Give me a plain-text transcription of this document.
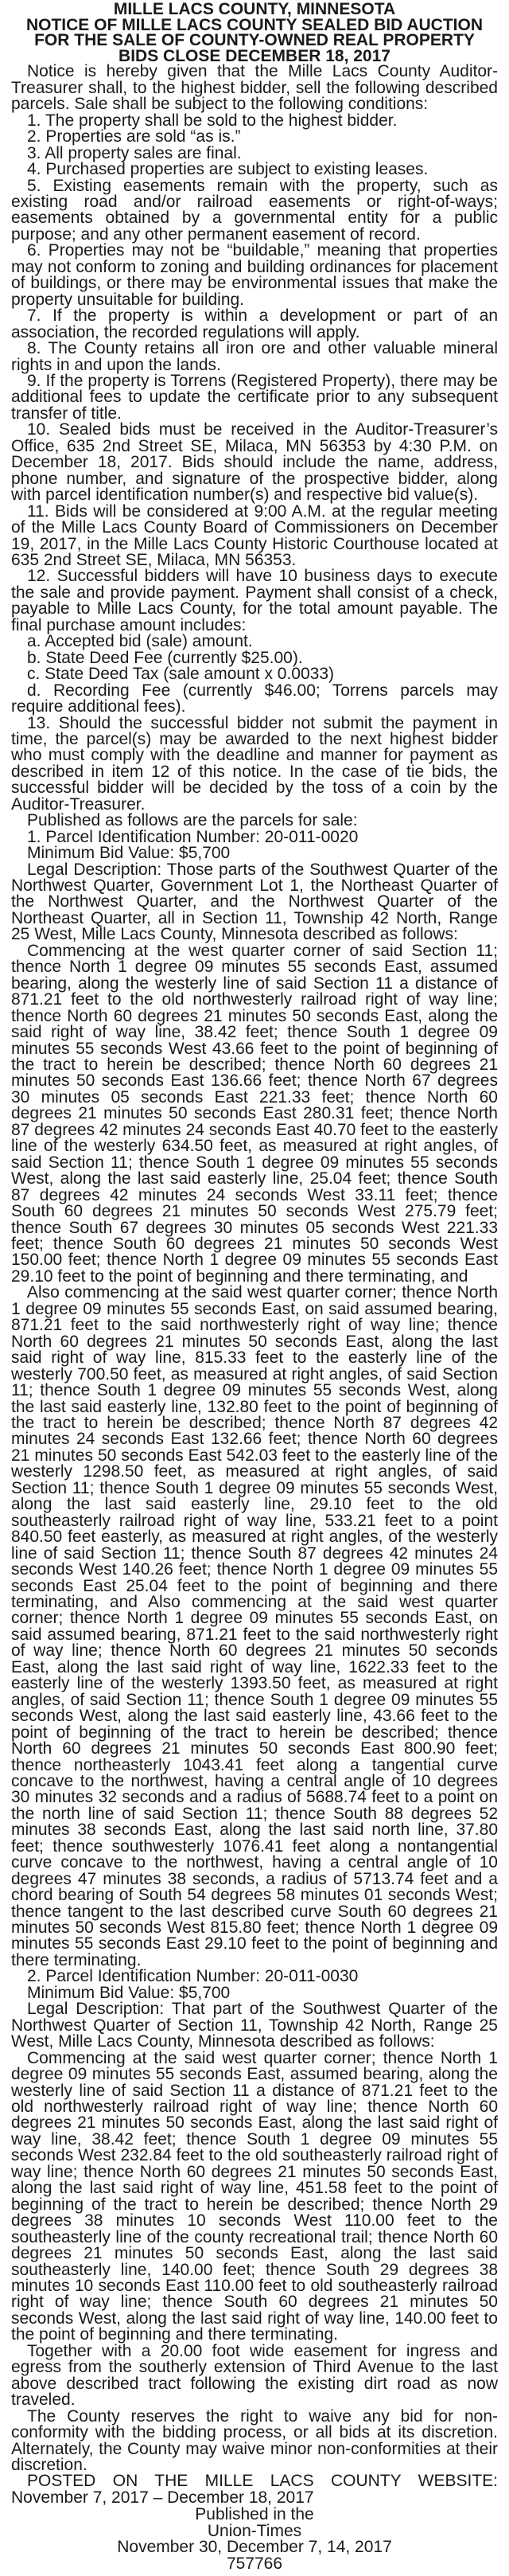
MILLE LACS COUNTY, MINNESOTA

NOTICE OF MILLE LACS COUNTY SEALED BID AUCTION

FOR THE SALE OF COUNTY-OWNED REAL PROPERTY

BIDS CLOSE DECEMBER 18, 2017

Notice is hereby given that the Mille Lacs County Auditor-Treasurer shall, to the highest bidder, sell the following described parcels. Sale shall be subject to the following conditions:

1. The property shall be sold to the highest bidder.

2. Properties are sold “as is.”

3. All property sales are final.

4. Purchased properties are subject to existing leases.

5. Existing easements remain with the property, such as existing road and/or railroad easements or right-of-ways; easements obtained by a governmental entity for a public purpose; and any other permanent easement of record.

6. Properties may not be “buildable,” meaning that properties may not conform to zoning and building ordinances for placement of buildings, or there may be environmental issues that make the property unsuitable for building.

7. If the property is within a development or part of an association, the recorded regulations will apply.

8. The County retains all iron ore and other valuable mineral rights in and upon the lands.

9. If the property is Torrens (Registered Property), there may be additional fees to update the certificate prior to any subsequent transfer of title.

10. Sealed bids must be received in the Auditor-Treasurer’s Office, 635 2nd Street SE, Milaca, MN 56353 by 4:30 P.M. on December 18, 2017. Bids should include the name, address, phone number, and signature of the prospective bidder, along with parcel identification number(s) and respective bid value(s).

11. Bids will be considered at 9:00 A.M. at the regular meeting of the Mille Lacs County Board of Commissioners on December 19, 2017, in the Mille Lacs County Historic Courthouse located at 635 2nd Street SE, Milaca, MN 56353.

12. Successful bidders will have 10 business days to execute the sale and provide payment. Payment shall consist of a check, payable to Mille Lacs County, for the total amount payable. The final purchase amount includes:

a. Accepted bid (sale) amount.

b. State Deed Fee (currently $25.00).

c. State Deed Tax (sale amount x 0.0033)

d. Recording Fee (currently $46.00; Torrens parcels may require additional fees).

13. Should the successful bidder not submit the payment in time, the parcel(s) may be awarded to the next highest bidder who must comply with the deadline and manner for payment as described in item 12 of this notice. In the case of tie bids, the successful bidder will be decided by the toss of a coin by the Auditor-Treasurer.

Published as follows are the parcels for sale:

1. Parcel Identification Number: 20-011-0020

Minimum Bid Value: $5,700

Legal Description: Those parts of the Southwest Quarter of the Northwest Quarter, Government Lot 1, the Northeast Quarter of the Northwest Quarter, and the Northwest Quarter of the Northeast Quarter, all in Section 11, Township 42 North, Range 25 West, Mille Lacs County, Minnesota described as follows:

Commencing at the west quarter corner of said Section 11; thence North 1 degree 09 minutes 55 seconds East, assumed bearing, along the westerly line of said Section 11 a distance of 871.21 feet to the old northwesterly railroad right of way line; thence North 60 degrees 21 minutes 50 seconds East, along the said right of way line, 38.42 feet; thence South 1 degree 09 minutes 55 seconds West 43.66 feet to the point of beginning of the tract to herein be described; thence North 60 degrees 21 minutes 50 seconds East 136.66 feet; thence North 67 degrees 30 minutes 05 seconds East 221.33 feet; thence North 60 degrees 21 minutes 50 seconds East 280.31 feet; thence North 87 degrees 42 minutes 24 seconds East 40.70 feet to the easterly line of the westerly 634.50 feet, as measured at right angles, of said Section 11; thence South 1 degree 09 minutes 55 seconds West, along the last said easterly line, 25.04 feet; thence South 87 degrees 42 minutes 24 seconds West 33.11 feet; thence South 60 degrees 21 minutes 50 seconds West 275.79 feet; thence South 67 degrees 30 minutes 05 seconds West 221.33 feet; thence South 60 degrees 21 minutes 50 seconds West 150.00 feet; thence North 1 degree 09 minutes 55 seconds East 29.10 feet to the point of beginning and there terminating, and

Also commencing at the said west quarter corner; thence North 1 degree 09 minutes 55 seconds East, on said assumed bearing, 871.21 feet to the said northwesterly right of way line; thence North 60 degrees 21 minutes 50 seconds East, along the last said right of way line, 815.33 feet to the easterly line of the westerly 700.50 feet, as measured at right angles, of said Section 11; thence South 1 degree 09 minutes 55 seconds West, along the last said easterly line, 132.80 feet to the point of beginning of the tract to herein be described; thence North 87 degrees 42 minutes 24 seconds East 132.66 feet; thence North 60 degrees 21 minutes 50 seconds East 542.03 feet to the easterly line of the westerly 1298.50 feet, as measured at right angles, of said Section 11; thence South 1 degree 09 minutes 55 seconds West, along the last said easterly line, 29.10 feet to the old southeasterly railroad right of way line, 533.21 feet to a point 840.50 feet easterly, as measured at right angles, of the westerly line of said Section 11; thence South 87 degrees 42 minutes 24 seconds West 140.26 feet; thence North 1 degree 09 minutes 55 seconds East 25.04 feet to the point of beginning and there terminating, and Also commencing at the said west quarter corner; thence North 1 degree 09 minutes 55 seconds East, on said assumed bearing, 871.21 feet to the said northwesterly right of way line; thence North 60 degrees 21 minutes 50 seconds East, along the last said right of way line, 1622.33 feet to the easterly line of the westerly 1393.50 feet, as measured at right angles, of said Section 11; thence South 1 degree 09 minutes 55 seconds West, along the last said easterly line, 43.66 feet to the point of beginning of the tract to herein be described; thence North 60 degrees 21 minutes 50 seconds East 800.90 feet; thence northeasterly 1043.41 feet along a tangential curve concave to the northwest, having a central angle of 10 degrees 30 minutes 32 seconds and a radius of 5688.74 feet to a point on the north line of said Section 11; thence South 88 degrees 52 minutes 38 seconds East, along the last said north line, 37.80 feet; thence southwesterly 1076.41 feet along a nontangential curve concave to the northwest, having a central angle of 10 degrees 47 minutes 38 seconds, a radius of 5713.74 feet and a chord bearing of South 54 degrees 58 minutes 01 seconds West; thence tangent to the last described curve South 60 degrees 21 minutes 50 seconds West 815.80 feet; thence North 1 degree 09 minutes 55 seconds East 29.10 feet to the point of beginning and there terminating.

2. Parcel Identification Number: 20-011-0030

Minimum Bid Value: $5,700

Legal Description: That part of the Southwest Quarter of the Northwest Quarter of Section 11, Township 42 North, Range 25 West, Mille Lacs County, Minnesota described as follows:

Commencing at the said west quarter corner; thence North 1 degree 09 minutes 55 seconds East, assumed bearing, along the westerly line of said Section 11 a distance of 871.21 feet to the old northwesterly railroad right of way line; thence North 60 degrees 21 minutes 50 seconds East, along the last said right of way line, 38.42 feet; thence South 1 degree 09 minutes 55 seconds West 232.84 feet to the old southeasterly railroad right of way line; thence North 60 degrees 21 minutes 50 seconds East, along the last said right of way line, 451.58 feet to the point of beginning of the tract to herein be described; thence North 29 degrees 38 minutes 10 seconds West 110.00 feet to the southeasterly line of the county recreational trail; thence North 60 degrees 21 minutes 50 seconds East, along the last said southeasterly line, 140.00 feet; thence South 29 degrees 38 minutes 10 seconds East 110.00 feet to old southeasterly railroad right of way line; thence South 60 degrees 21 minutes 50 seconds West, along the last said right of way line, 140.00 feet to the point of beginning and there terminating.

Together with a 20.00 foot wide easement for ingress and egress from the southerly extension of Third Avenue to the last above described tract following the existing dirt road as now traveled.

The County reserves the right to waive any bid for non-conformity with the bidding process, or all bids at its discretion. Alternately, the County may waive minor non-conformities at their discretion.

POSTED ON THE MILLE LACS COUNTY WEBSITE: November 7, 2017 – December 18, 2017

Published in the

Union-Times

November 30, December 7, 14, 2017

757766
